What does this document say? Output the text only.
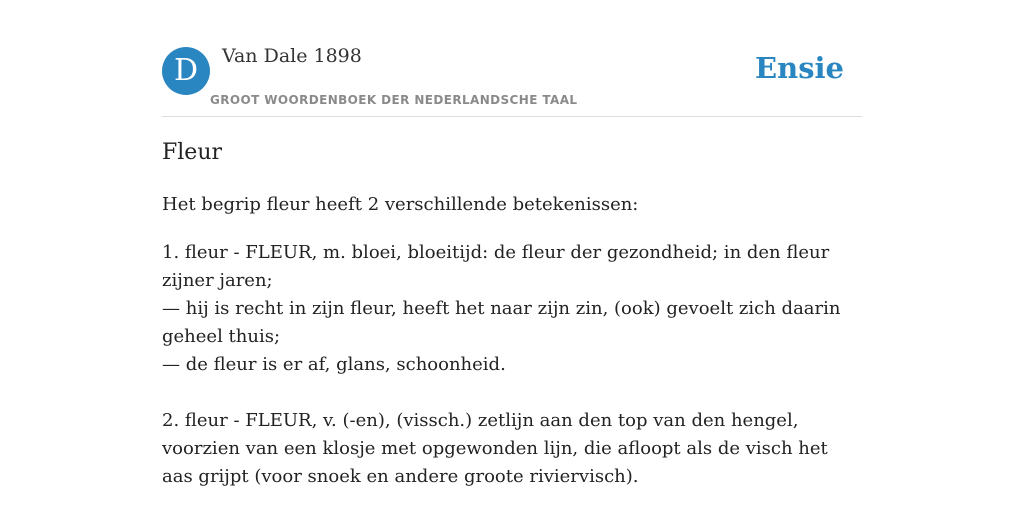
D	Van Dale 1898
GROOT WOORDENBOEK DER NEDERLANDSCHE TAAL
Ensie
Fleur
Het begrip fleur heeft 2 verschillende betekenissen:
1. fleur - FLEUR, m. bloei, bloeitijd: de fleur der gezondheid; in den fleur zijner jaren;
— hij is recht in zijn fleur, heeft het naar zijn zin, (ook) gevoelt zich daarin geheel thuis;
— de fleur is er af, glans, schoonheid.
2. fleur - FLEUR, v. (-en), (vissch.) zetlijn aan den top van den hengel, voorzien van een klosje met opgewonden lijn, die afloopt als de visch het aas grijpt (voor snoek en andere groote riviervisch).
